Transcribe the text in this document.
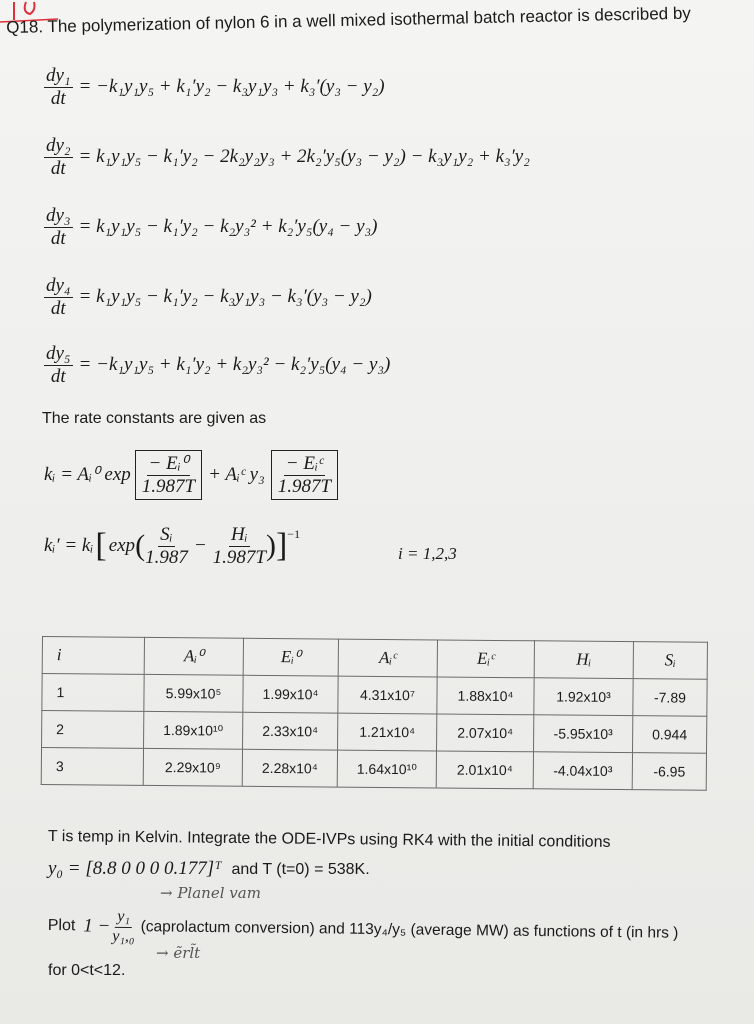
Q18. The polymerization of nylon 6 in a well mixed isothermal batch reactor is described by
$\frac{\text{dy₁}}{dt} = -k_1y_1y_5 + k_1'y_2 - k_3y_1y_3 + k_3'(y_3 - y_2)$
$\frac{\text{dy₂}}{dt} = k_1y_1y_5 - k_1'y_2 - 2k_2y_2y_3 + 2k_2'y_5(y_3 - y_2) - k_3y_1y_2 + k_3'y_2$
$\frac{\text{dy₃}}{dt} = k_1y_1y_5 - k_1'y_2 - k_2y_3^2 + k_2'y_5(y_4 - y_3)$
$\frac{\text{dy₄}}{dt} = k_1y_1y_5 - k_1'y_2 - k_3y_1y_3 - k_3'(y_3 - y_2)$
$\frac{\text{dy₅}}{dt} = -k_1y_1y_5 + k_1'y_2 + k_2y_3^2 - k_2'y_5(y_4 - y_3)$
The rate constants are given as
kᵢ = Aᵢ⁰ $\exp \frac{\text{− Eᵢ⁰}}{1.987T}$ + Aᵢᶜ $y_3 \frac{\text{− Eᵢᶜ}}{1.987T}$
kᵢ′ = kᵢ [ exp ( $\frac{\text{Sᵢ}}{1.987} - \frac{\text{Hᵢ}}{1.987T}$ ) ]$^{-1}$
i = 1,2,3
i	Aᵢ⁰	Eᵢ⁰	Aᵢᶜ	Eᵢᶜ	Hᵢ	Sᵢ
1	5.99x10⁵	1.99x10⁴	4.31x10⁷	1.88x10⁴	1.92x10³	-7.89
2	1.89x10¹⁰	2.33x10⁴	1.21x10⁴	2.07x10⁴	-5.95x10³	0.944
3	2.29x10⁹	2.28x10⁴	1.64x10¹⁰	2.01x10⁴	-4.04x10³	-6.95
T is temp in Kelvin. Integrate the ODE-IVPs using RK4 with the initial conditions
y₀ = [8.8 0 0 0 0.177]ᵀ and T (t=0) = 538K.
→ Planel vam
Plot $1 - \frac{\text{y₁}}{\text{y₁,₀}}$ (caprolactum conversion) and 113y₄/y₅ (average MW) as functions of t (in hrs )
→ ẽrl̃t
for 0<t<12.
